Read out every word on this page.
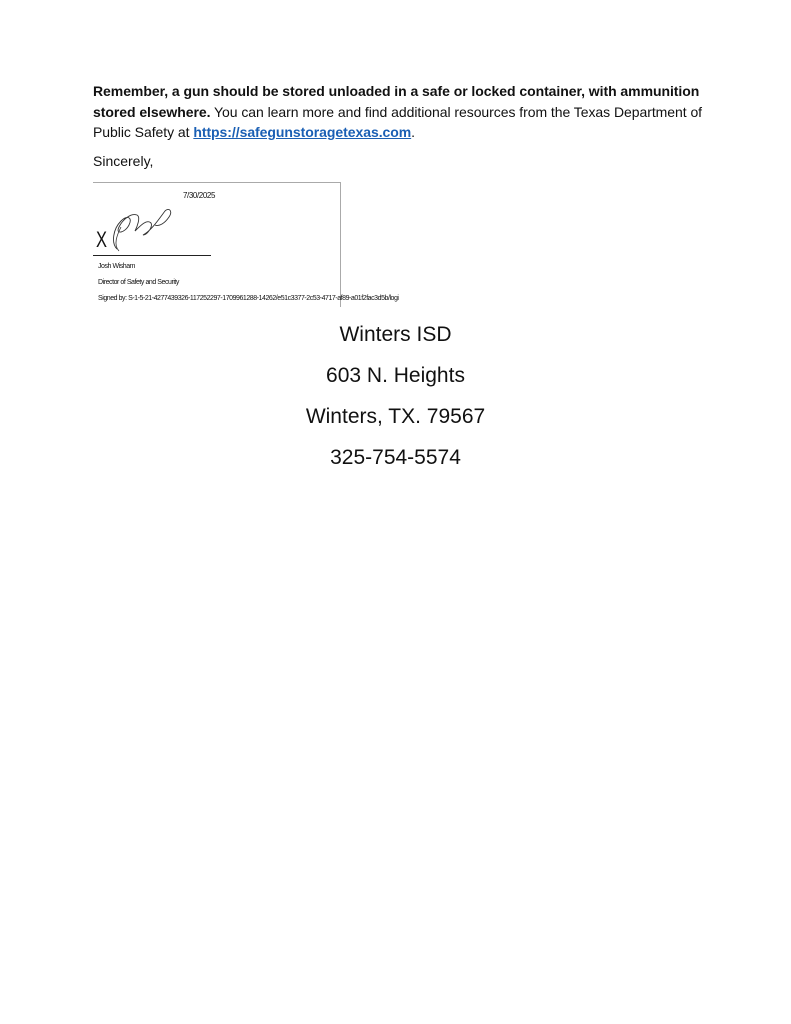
Remember, a gun should be stored unloaded in a safe or locked container, with ammunition stored elsewhere. You can learn more and find additional resources from the Texas Department of Public Safety at https://safegunstoragetexas.com.

Sincerely,

7/30/2025
X
Josh Wisham
Director of Safety and Security
Signed by: S-1-5-21-4277439326-117252297-1709961288-14262/e51c3377-2c53-4717-af89-a01f2fac3d5b/logi

Winters ISD

603 N. Heights

Winters, TX. 79567

325-754-5574
